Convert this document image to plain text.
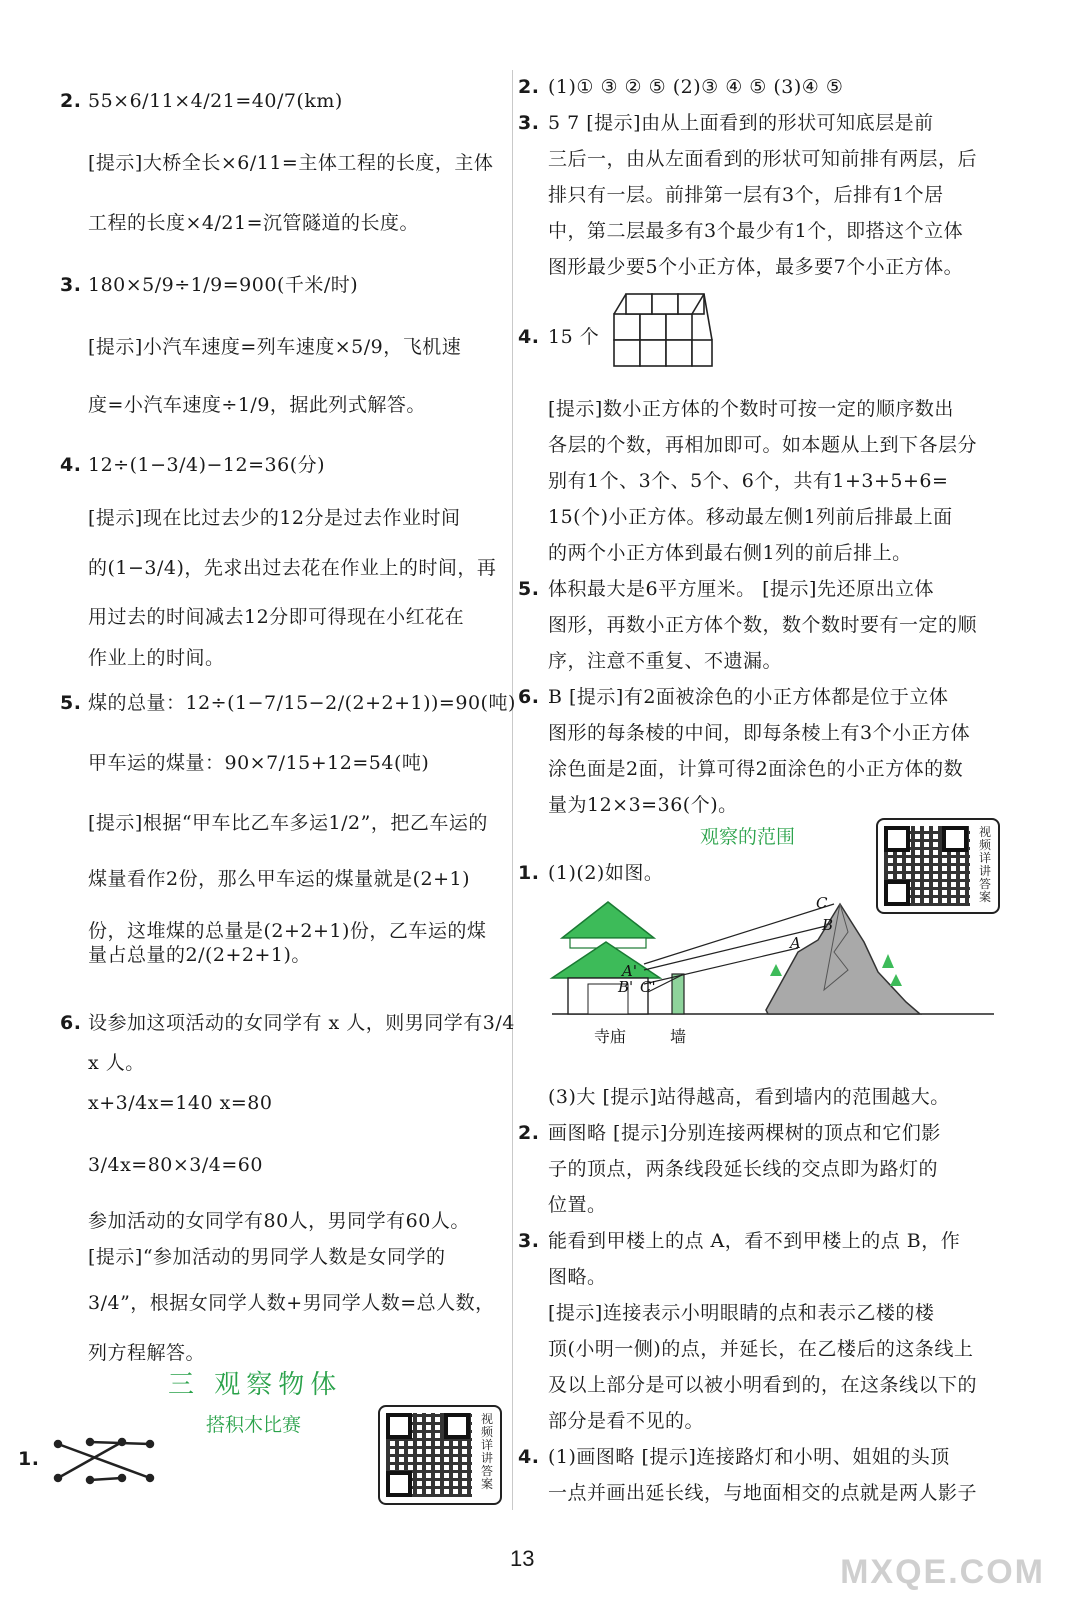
三 观察物体
搭积木比赛
1.
视频详讲答案
观察的范围	视频详讲答案
C
B
A
A'
B' C'
寺庙	墙
13	MXQE.COM
2. 55×6/11×4/21=40/7(km)
[提示]大桥全长×6/11=主体工程的长度，主体
工程的长度×4/21=沉管隧道的长度。
3. 180×5/9÷1/9=900(千米/时)
[提示]小汽车速度=列车速度×5/9，飞机速
度=小汽车速度÷1/9，据此列式解答。
4. 12÷(1−3/4)−12=36(分)
[提示]现在比过去少的12分是过去作业时间
的(1−3/4)，先求出过去花在作业上的时间，再
用过去的时间减去12分即可得现在小红花在
作业上的时间。
5. 煤的总量：12÷(1−7/15−2/(2+2+1))=90(吨)
甲车运的煤量：90×7/15+12=54(吨)
[提示]根据“甲车比乙车多运1/2”，把乙车运的
煤量看作2份，那么甲车运的煤量就是(2+1)
份，这堆煤的总量是(2+2+1)份，乙车运的煤
量占总量的2/(2+2+1)。
6. 设参加这项活动的女同学有 x 人，则男同学有3/4
x 人。
x+3/4x=140 x=80
3/4x=80×3/4=60
参加活动的女同学有80人，男同学有60人。
[提示]“参加活动的男同学人数是女同学的
3/4”，根据女同学人数+男同学人数=总人数，
列方程解答。
2. (1)① ③ ② ⑤ (2)③ ④ ⑤ (3)④ ⑤
3. 5 7 [提示]由从上面看到的形状可知底层是前
三后一，由从左面看到的形状可知前排有两层，后
排只有一层。前排第一层有3个，后排有1个居
中，第二层最多有3个最少有1个，即搭这个立体
图形最少要5个小正方体，最多要7个小正方体。
4. 15 个
[提示]数小正方体的个数时可按一定的顺序数出
各层的个数，再相加即可。如本题从上到下各层分
别有1个、3个、5个、6个，共有1+3+5+6=
15(个)小正方体。移动最左侧1列前后排最上面
的两个小正方体到最右侧1列的前后排上。
5. 体积最大是6平方厘米。 [提示]先还原出立体
图形，再数小正方体个数，数个数时要有一定的顺
序，注意不重复、不遗漏。
6. B [提示]有2面被涂色的小正方体都是位于立体
图形的每条棱的中间，即每条棱上有3个小正方体
涂色面是2面，计算可得2面涂色的小正方体的数
量为12×3=36(个)。
1. (1)(2)如图。
(3)大 [提示]站得越高，看到墙内的范围越大。
2. 画图略 [提示]分别连接两棵树的顶点和它们影
子的顶点，两条线段延长线的交点即为路灯的
位置。
3. 能看到甲楼上的点 A，看不到甲楼上的点 B，作
图略。
[提示]连接表示小明眼睛的点和表示乙楼的楼
顶(小明一侧)的点，并延长，在乙楼后的这条线上
及以上部分是可以被小明看到的，在这条线以下的
部分是看不见的。
4. (1)画图略 [提示]连接路灯和小明、姐姐的头顶
一点并画出延长线，与地面相交的点就是两人影子
